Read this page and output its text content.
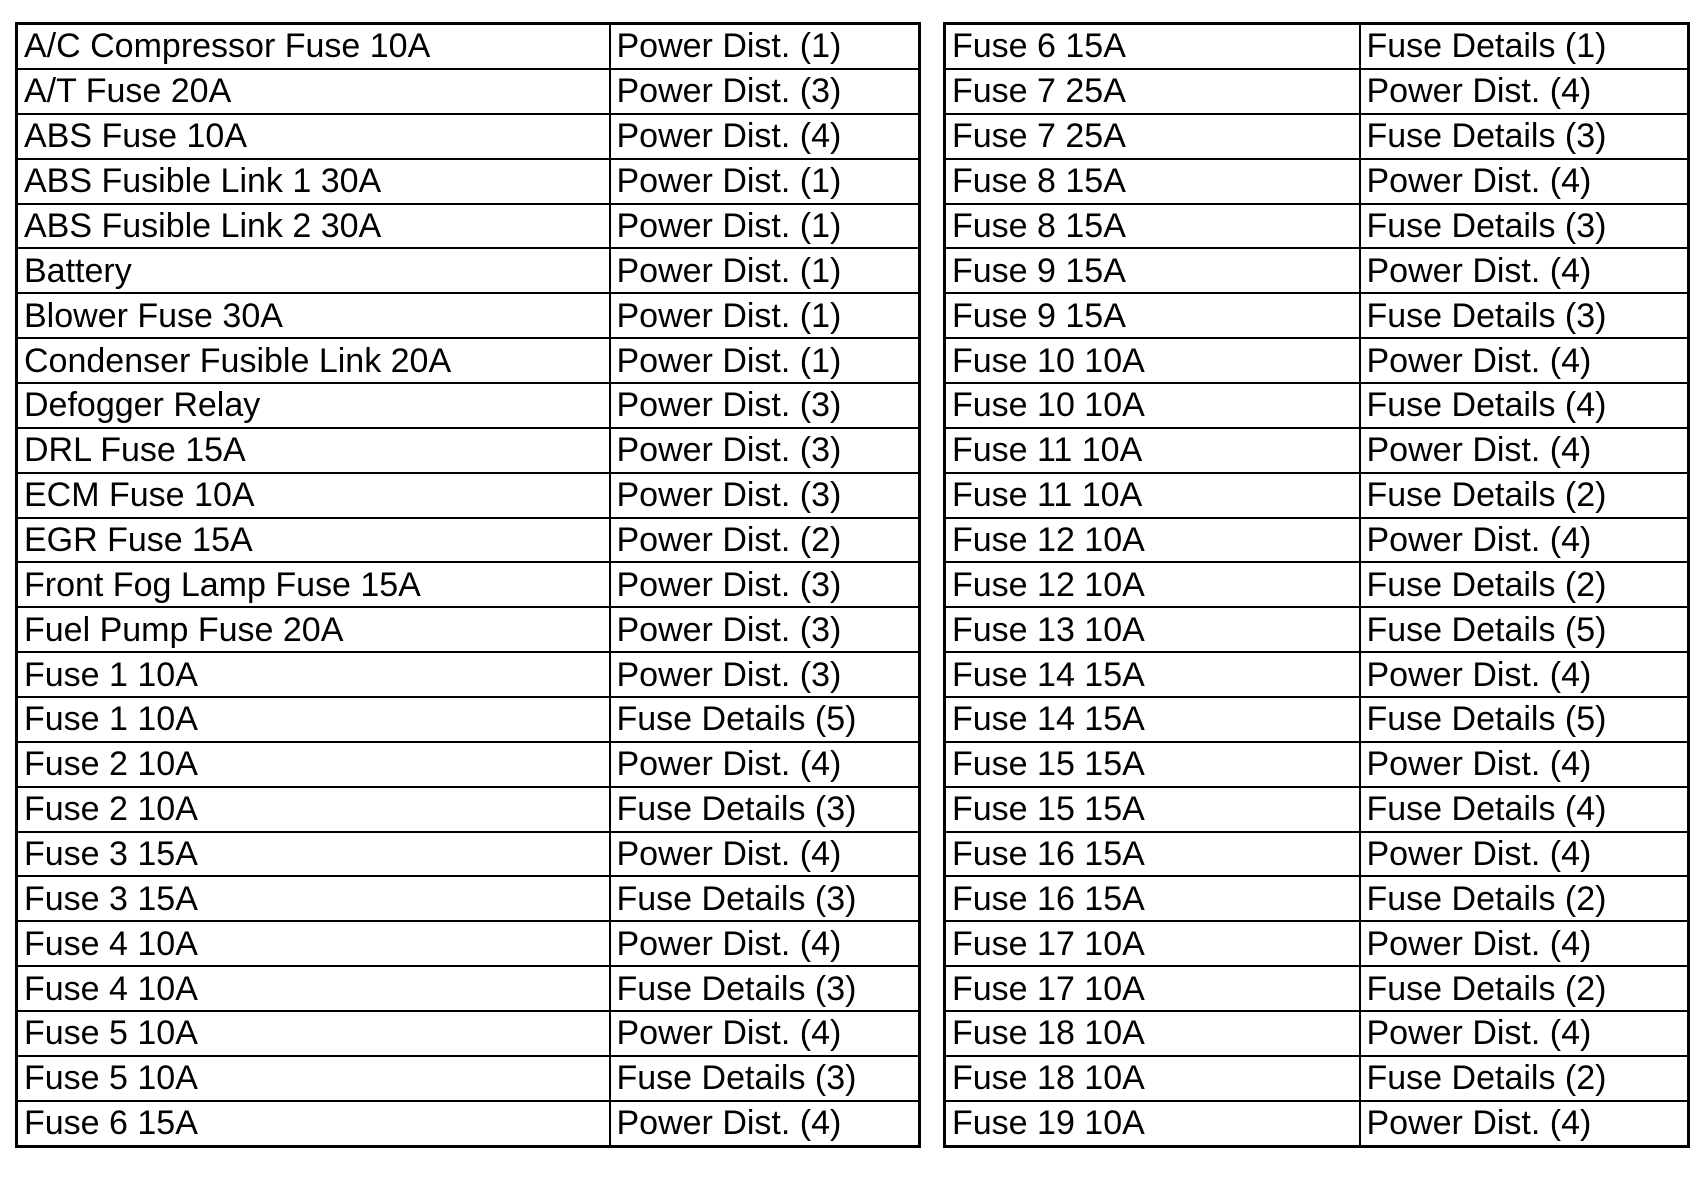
A/C Compressor Fuse 10A	Power Dist. (1)
A/T Fuse 20A	Power Dist. (3)
ABS Fuse 10A	Power Dist. (4)
ABS Fusible Link 1 30A	Power Dist. (1)
ABS Fusible Link 2 30A	Power Dist. (1)
Battery	Power Dist. (1)
Blower Fuse 30A	Power Dist. (1)
Condenser Fusible Link 20A	Power Dist. (1)
Defogger Relay	Power Dist. (3)
DRL Fuse 15A	Power Dist. (3)
ECM Fuse 10A	Power Dist. (3)
EGR Fuse 15A	Power Dist. (2)
Front Fog Lamp Fuse 15A	Power Dist. (3)
Fuel Pump Fuse 20A	Power Dist. (3)
Fuse 1 10A	Power Dist. (3)
Fuse 1 10A	Fuse Details (5)
Fuse 2 10A	Power Dist. (4)
Fuse 2 10A	Fuse Details (3)
Fuse 3 15A	Power Dist. (4)
Fuse 3 15A	Fuse Details (3)
Fuse 4 10A	Power Dist. (4)
Fuse 4 10A	Fuse Details (3)
Fuse 5 10A	Power Dist. (4)
Fuse 5 10A	Fuse Details (3)
Fuse 6 15A	Power Dist. (4)
Fuse 6 15A	Fuse Details (1)
Fuse 7 25A	Power Dist. (4)
Fuse 7 25A	Fuse Details (3)
Fuse 8 15A	Power Dist. (4)
Fuse 8 15A	Fuse Details (3)
Fuse 9 15A	Power Dist. (4)
Fuse 9 15A	Fuse Details (3)
Fuse 10 10A	Power Dist. (4)
Fuse 10 10A	Fuse Details (4)
Fuse 11 10A	Power Dist. (4)
Fuse 11 10A	Fuse Details (2)
Fuse 12 10A	Power Dist. (4)
Fuse 12 10A	Fuse Details (2)
Fuse 13 10A	Fuse Details (5)
Fuse 14 15A	Power Dist. (4)
Fuse 14 15A	Fuse Details (5)
Fuse 15 15A	Power Dist. (4)
Fuse 15 15A	Fuse Details (4)
Fuse 16 15A	Power Dist. (4)
Fuse 16 15A	Fuse Details (2)
Fuse 17 10A	Power Dist. (4)
Fuse 17 10A	Fuse Details (2)
Fuse 18 10A	Power Dist. (4)
Fuse 18 10A	Fuse Details (2)
Fuse 19 10A	Power Dist. (4)
